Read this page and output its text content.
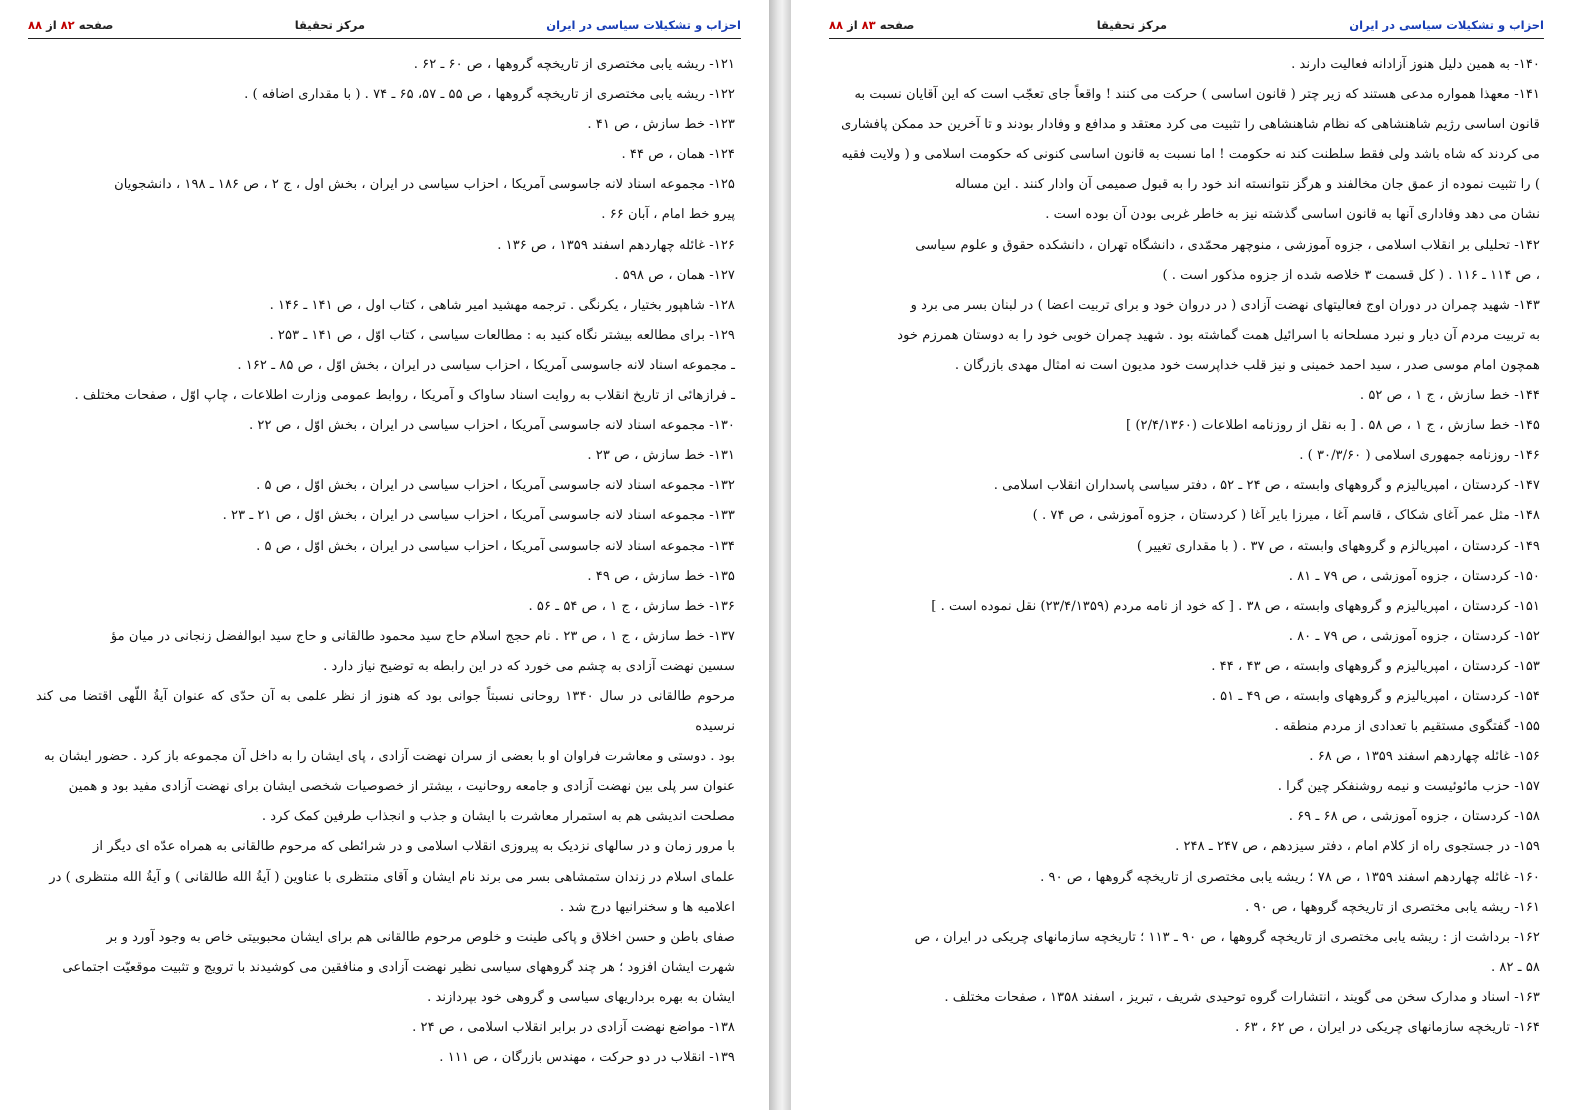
احزاب و تشکیلات سیاسی در ایران
مرکز تحقیقا
صفحه ۸۲ از ۸۸

۱۲۱- ریشه یابی مختصری از تاریخچه گروهها ، ص ۶۰ ـ ۶۲ .

۱۲۲- ریشه یابی مختصری از تاریخچه گروهها ، ص ۵۵ ـ ۵۷، ۶۵ ـ ۷۴ . ( با مقداری اضافه ) .

۱۲۳- خط سازش ، ص ۴۱ .

۱۲۴- همان ، ص ۴۴ .

۱۲۵- مجموعه اسناد لانه جاسوسی آمریکا ، احزاب سیاسی در ایران ، بخش اول ، ج ۲ ، ص ۱۸۶ ـ ۱۹۸ ، دانشجویان

پیرو خط امام ، آبان ۶۶ .

۱۲۶- غائله چهاردهم اسفند ۱۳۵۹ ، ص ۱۳۶ .

۱۲۷- همان ، ص ۵۹۸ .

۱۲۸- شاهپور بختیار ، یکرنگی . ترجمه مهشید امیر شاهی ، کتاب اول ، ص ۱۴۱ ـ ۱۴۶ .

۱۲۹- برای مطالعه بیشتر نگاه کنید به : مطالعات سیاسی ، کتاب اوّل ، ص ۱۴۱ ـ ۲۵۳ .

ـ مجموعه اسناد لانه جاسوسی آمریکا ، احزاب سیاسی در ایران ، بخش اوّل ، ص ۸۵ ـ ۱۶۲ .

ـ فرازهائی از تاریخ انقلاب به روایت اسناد ساواک و آمریکا ، روابط عمومی وزارت اطلاعات ، چاپ اوّل ، صفحات مختلف .

۱۳۰- مجموعه اسناد لانه جاسوسی آمریکا ، احزاب سیاسی در ایران ، بخش اوّل ، ص ۲۲ .

۱۳۱- خط سازش ، ص ۲۳ .

۱۳۲- مجموعه اسناد لانه جاسوسی آمریکا ، احزاب سیاسی در ایران ، بخش اوّل ، ص ۵ .

۱۳۳- مجموعه اسناد لانه جاسوسی آمریکا ، احزاب سیاسی در ایران ، بخش اوّل ، ص ۲۱ ـ ۲۳ .

۱۳۴- مجموعه اسناد لانه جاسوسی آمریکا ، احزاب سیاسی در ایران ، بخش اوّل ، ص ۵ .

۱۳۵- خط سازش ، ص ۴۹ .

۱۳۶- خط سازش ، ج ۱ ، ص ۵۴ ـ ۵۶ .

۱۳۷- خط سازش ، ج ۱ ، ص ۲۳ . نام حجج اسلام حاج سید محمود طالقانی و حاج سید ابوالفضل زنجانی در میان مؤ

سسین نهضت آزادی به چشم می خورد که در این رابطه به توضیح نیاز دارد .

مرحوم طالقانی در سال ۱۳۴۰ روحانی نسبتاً جوانی بود که هنوز از نظر علمی به آن حدّی که عنوان آیةُ اللّهی اقتضا می کند نرسیده

بود . دوستی و معاشرت فراوان او با بعضی از سران نهضت آزادی ، پای ایشان را به داخل آن مجموعه باز کرد . حضور ایشان به

عنوان سر پلی بین نهضت آزادی و جامعه روحانیت ، بیشتر از خصوصیات شخصی ایشان برای نهضت آزادی مفید بود و همین

مصلحت اندیشی هم به استمرار معاشرت با ایشان و جذب و انجذاب طرفین کمک کرد .

با مرور زمان و در سالهای نزدیک به پیروزی انقلاب اسلامی و در شرائطی که مرحوم طالقانی به همراه عدّه ای دیگر از

علمای اسلام در زندان ستمشاهی بسر می برند نام ایشان و آقای منتظری با عناوین ( آیةُ الله طالقانی ) و آیةُ الله منتظری ) در

اعلامیه ها و سخنرانیها درج شد .

صفای باطن و حسن اخلاق و پاکی طینت و خلوص مرحوم طالقانی هم برای ایشان محبوبیتی خاص به وجود آورد و بر

شهرت ایشان افزود ؛ هر چند گروههای سیاسی نظیر نهضت آزادی و منافقین می کوشیدند با ترویج و تثبیت موقعیّت اجتماعی

ایشان به بهره برداریهای سیاسی و گروهی خود بپردازند .

۱۳۸- مواضع نهضت آزادی در برابر انقلاب اسلامی ، ص ۲۴ .

۱۳۹- انقلاب در دو حرکت ، مهندس بازرگان ، ص ۱۱۱ .

احزاب و تشکیلات سیاسی در ایران
مرکز تحقیقا
صفحه ۸۳ از ۸۸

۱۴۰- به همین دلیل هنوز آزادانه فعالیت دارند .

۱۴۱- معهذا همواره مدعی هستند که زیر چتر ( قانون اساسی ) حرکت می کنند ! واقعاً جای تعجّب است که این آقایان نسبت به

قانون اساسی رژیم شاهنشاهی که نظام شاهنشاهی را تثبیت می کرد معتقد و مدافع و وفادار بودند و تا آخرین حد ممکن پافشاری

می کردند که شاه باشد ولی فقط سلطنت کند نه حکومت ! اما نسبت به قانون اساسی کنونی که حکومت اسلامی و ( ولایت فقیه

) را تثبیت نموده از عمق جان مخالفند و هرگز نتوانسته اند خود را به قبول صمیمی آن وادار کنند . این مساله

نشان می دهد وفاداری آنها به قانون اساسی گذشته نیز به خاطر غربی بودن آن بوده است .

۱۴۲- تحلیلی بر انقلاب اسلامی ، جزوه آموزشی ، منوچهر محمّدی ، دانشگاه تهران ، دانشکده حقوق و علوم سیاسی

، ص ۱۱۴ ـ ۱۱۶ . ( کل قسمت ۳ خلاصه شده از جزوه مذکور است . )

۱۴۳- شهید چمران در دوران اوج فعالیتهای نهضت آزادی ( در دروان خود و برای تربیت اعضا ) در لبنان بسر می برد و

به تربیت مردم آن دیار و نبرد مسلحانه با اسرائیل همت گماشته بود . شهید چمران خوبی خود را به دوستان همرزم خود

همچون امام موسی صدر ، سید احمد خمینی و نیز قلب خداپرست خود مدیون است نه امثال مهدی بازرگان .

۱۴۴- خط سازش ، ج ۱ ، ص ۵۲ .

۱۴۵- خط سازش ، ج ۱ ، ص ۵۸ . [ به نقل از روزنامه اطلاعات (۲/۴/۱۳۶۰) ]

۱۴۶- روزنامه جمهوری اسلامی ( ۳۰/۳/۶۰ ) .

۱۴۷- کردستان ، امپریالیزم و گروههای وابسته ، ص ۲۴ ـ ۵۲ ، دفتر سیاسی پاسداران انقلاب اسلامی .

۱۴۸- مثل عمر آغای شکاک ، قاسم آغا ، میرزا بایر آغا ( کردستان ، جزوه آموزشی ، ص ۷۴ . )

۱۴۹- کردستان ، امپریالزم و گروههای وابسته ، ص ۳۷ . ( با مقداری تغییر )

۱۵۰- کردستان ، جزوه آموزشی ، ص ۷۹ ـ ۸۱ .

۱۵۱- کردستان ، امپریالیزم و گروههای وابسته ، ص ۳۸ . [ که خود از نامه مردم (۲۳/۴/۱۳۵۹) نقل نموده است . ]

۱۵۲- کردستان ، جزوه آموزشی ، ص ۷۹ ـ ۸۰ .

۱۵۳- کردستان ، امپریالیزم و گروههای وابسته ، ص ۴۳ ، ۴۴ .

۱۵۴- کردستان ، امپریالیزم و گروههای وابسته ، ص ۴۹ ـ ۵۱ .

۱۵۵- گفتگوی مستقیم با تعدادی از مردم منطقه .

۱۵۶- غائله چهاردهم اسفند ۱۳۵۹ ، ص ۶۸ .

۱۵۷- حزب مائوئیست و نیمه روشنفکر چین گرا .

۱۵۸- کردستان ، جزوه آموزشی ، ص ۶۸ ـ ۶۹ .

۱۵۹- در جستجوی راه از کلام امام ، دفتر سیزدهم ، ص ۲۴۷ ـ ۲۴۸ .

۱۶۰- غائله چهاردهم اسفند ۱۳۵۹ ، ص ۷۸ ؛ ریشه یابی مختصری از تاریخچه گروهها ، ص ۹۰ .

۱۶۱- ریشه یابی مختصری از تاریخچه گروهها ، ص ۹۰ .

۱۶۲- برداشت از : ریشه یابی مختصری از تاریخچه گروهها ، ص ۹۰ ـ ۱۱۳ ؛ تاریخچه سازمانهای چریکی در ایران ، ص

۵۸ ـ ۸۲ .

۱۶۳- اسناد و مدارک سخن می گویند ، انتشارات گروه توحیدی شریف ، تبریز ، اسفند ۱۳۵۸ ، صفحات مختلف .

۱۶۴- تاریخچه سازمانهای چریکی در ایران ، ص ۶۲ ، ۶۳ .
